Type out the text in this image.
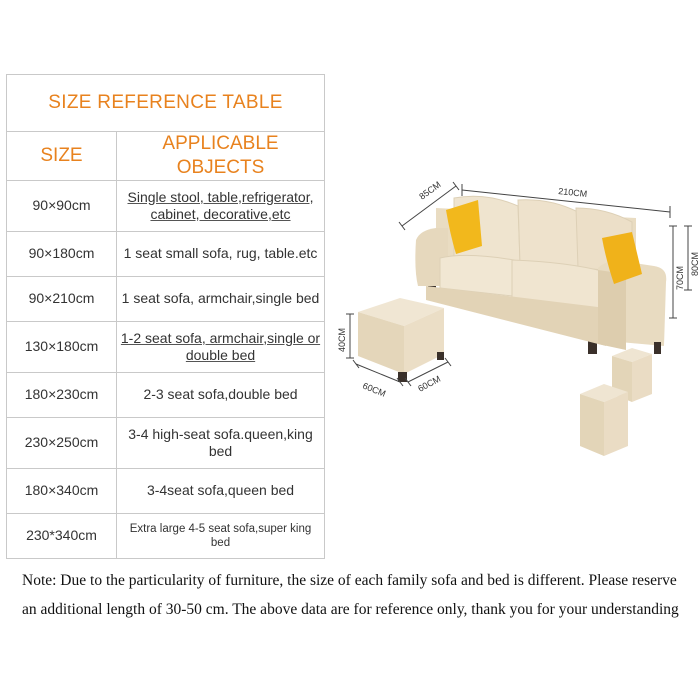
SIZE REFERENCE TABLE	
SIZE	APPLICABLE OBJECTS
90×90cm	Single stool, table,refrigerator, cabinet, decorative,etc
90×180cm	1 seat small sofa, rug, table.etc
90×210cm	1 seat sofa, armchair,single bed
130×180cm	1-2 seat sofa, armchair,single or double bed
180×230cm	2-3 seat sofa,double bed
230×250cm	3-4 high-seat sofa.queen,king bed
180×340cm	3-4seat sofa,queen bed
230*340cm	Extra large 4-5 seat sofa,super king bed
85CM	210CM
70CM
80CM
40CM
60CM	60CM
Note: Due to the particularity of furniture, the size of each family sofa and bed is different. Please reserve an additional length of 30-50 cm. The above data are for reference only, thank you for your understanding
